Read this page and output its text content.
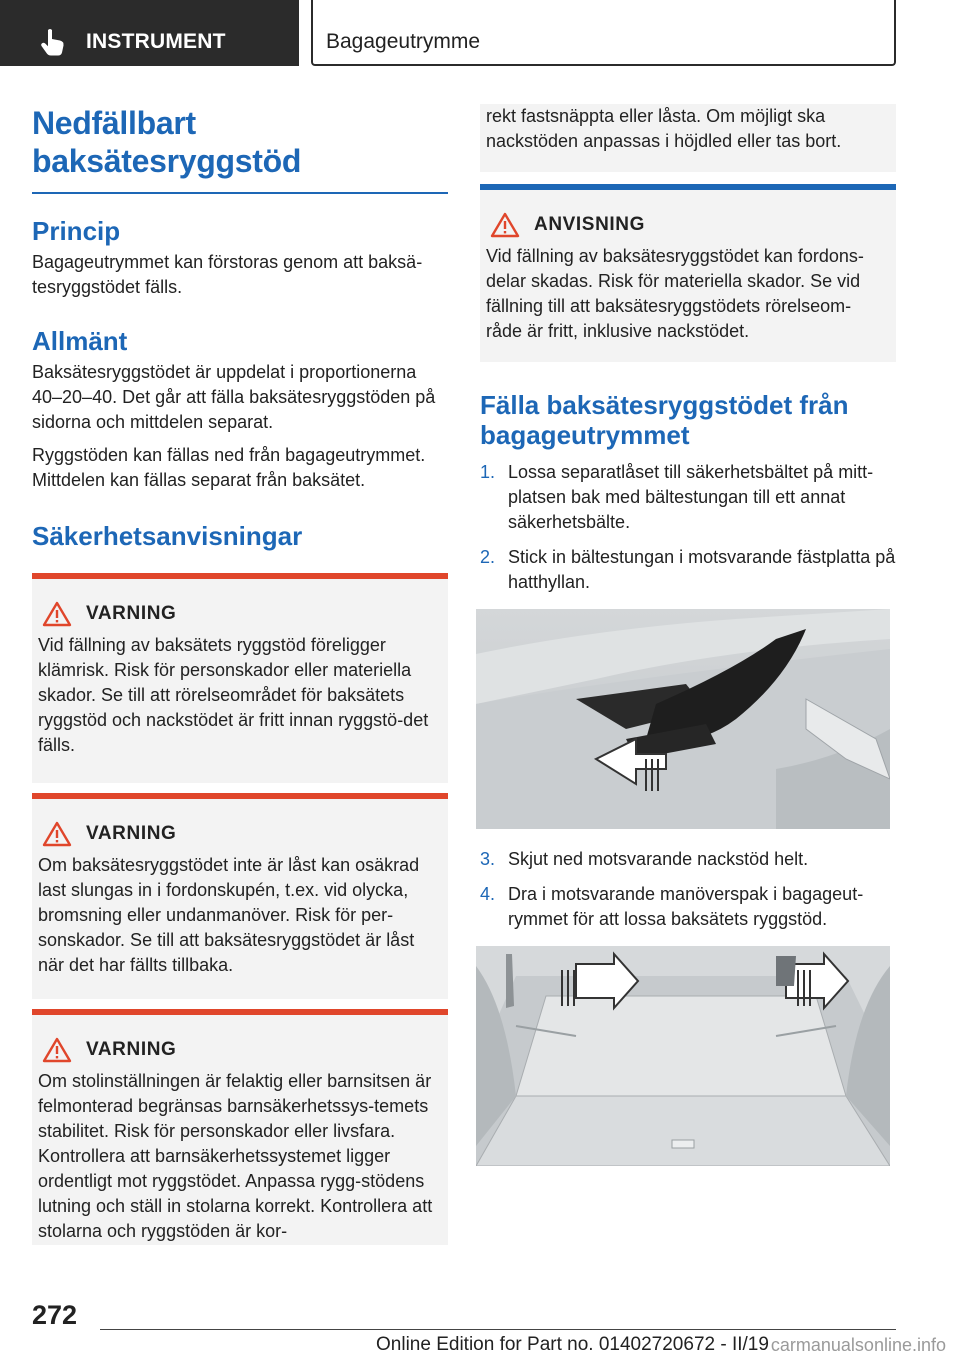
INSTRUMENT	Bagageutrymme
Nedfällbart
baksätesryggstöd
Princip

Bagageutrymmet kan förstoras genom att baksä-tesryggstödet fälls.

Allmänt

Baksätesryggstödet är uppdelat i proportionerna 40–20–40. Det går att fälla baksätesryggstöden på sidorna och mittdelen separat.

Ryggstöden kan fällas ned från bagageutrymmet. Mittdelen kan fällas separat från baksätet.

Säkerhetsanvisningar
VARNING

Vid fällning av baksätets ryggstöd föreligger klämrisk. Risk för personskador eller materiella skador. Se till att rörelseområdet för baksätets ryggstöd och nackstödet är fritt innan ryggstö-det fälls.

VARNING

Om baksätesryggstödet inte är låst kan osäkrad last slungas in i fordonskupén, t.ex. vid olycka, bromsning eller undanmanöver. Risk för per-sonskador. Se till att baksätesryggstödet är låst när det har fällts tillbaka.

VARNING

Om stolinställningen är felaktig eller barnsitsen är felmonterad begränsas barnsäkerhetssys-temets stabilitet. Risk för personskador eller livsfara. Kontrollera att barnsäkerhetssystemet ligger ordentligt mot ryggstödet. Anpassa rygg-stödens lutning och ställ in stolarna korrekt. Kontrollera att stolarna och ryggstöden är kor-

rekt fastsnäppta eller låsta. Om möjligt ska nackstöden anpassas i höjdled eller tas bort.

ANVISNING

Vid fällning av baksätesryggstödet kan fordons-delar skadas. Risk för materiella skador. Se vid fällning till att baksätesryggstödets rörelseom-råde är fritt, inklusive nackstödet.

Fälla baksätesryggstödet från bagageutrymmet
1. Lossa separatlåset till säkerhetsbältet på mitt-platsen bak med bältestungan till ett annat säkerhetsbälte.
2. Stick in bältestungan i motsvarande fästplatta på hatthyllan.
3. Skjut ned motsvarande nackstöd helt.
4. Dra i motsvarande manöverspak i bagageut-rymmet för att lossa baksätets ryggstöd.
272
Online Edition for Part no. 01402720672 - II/19 carmanualsonline.info
